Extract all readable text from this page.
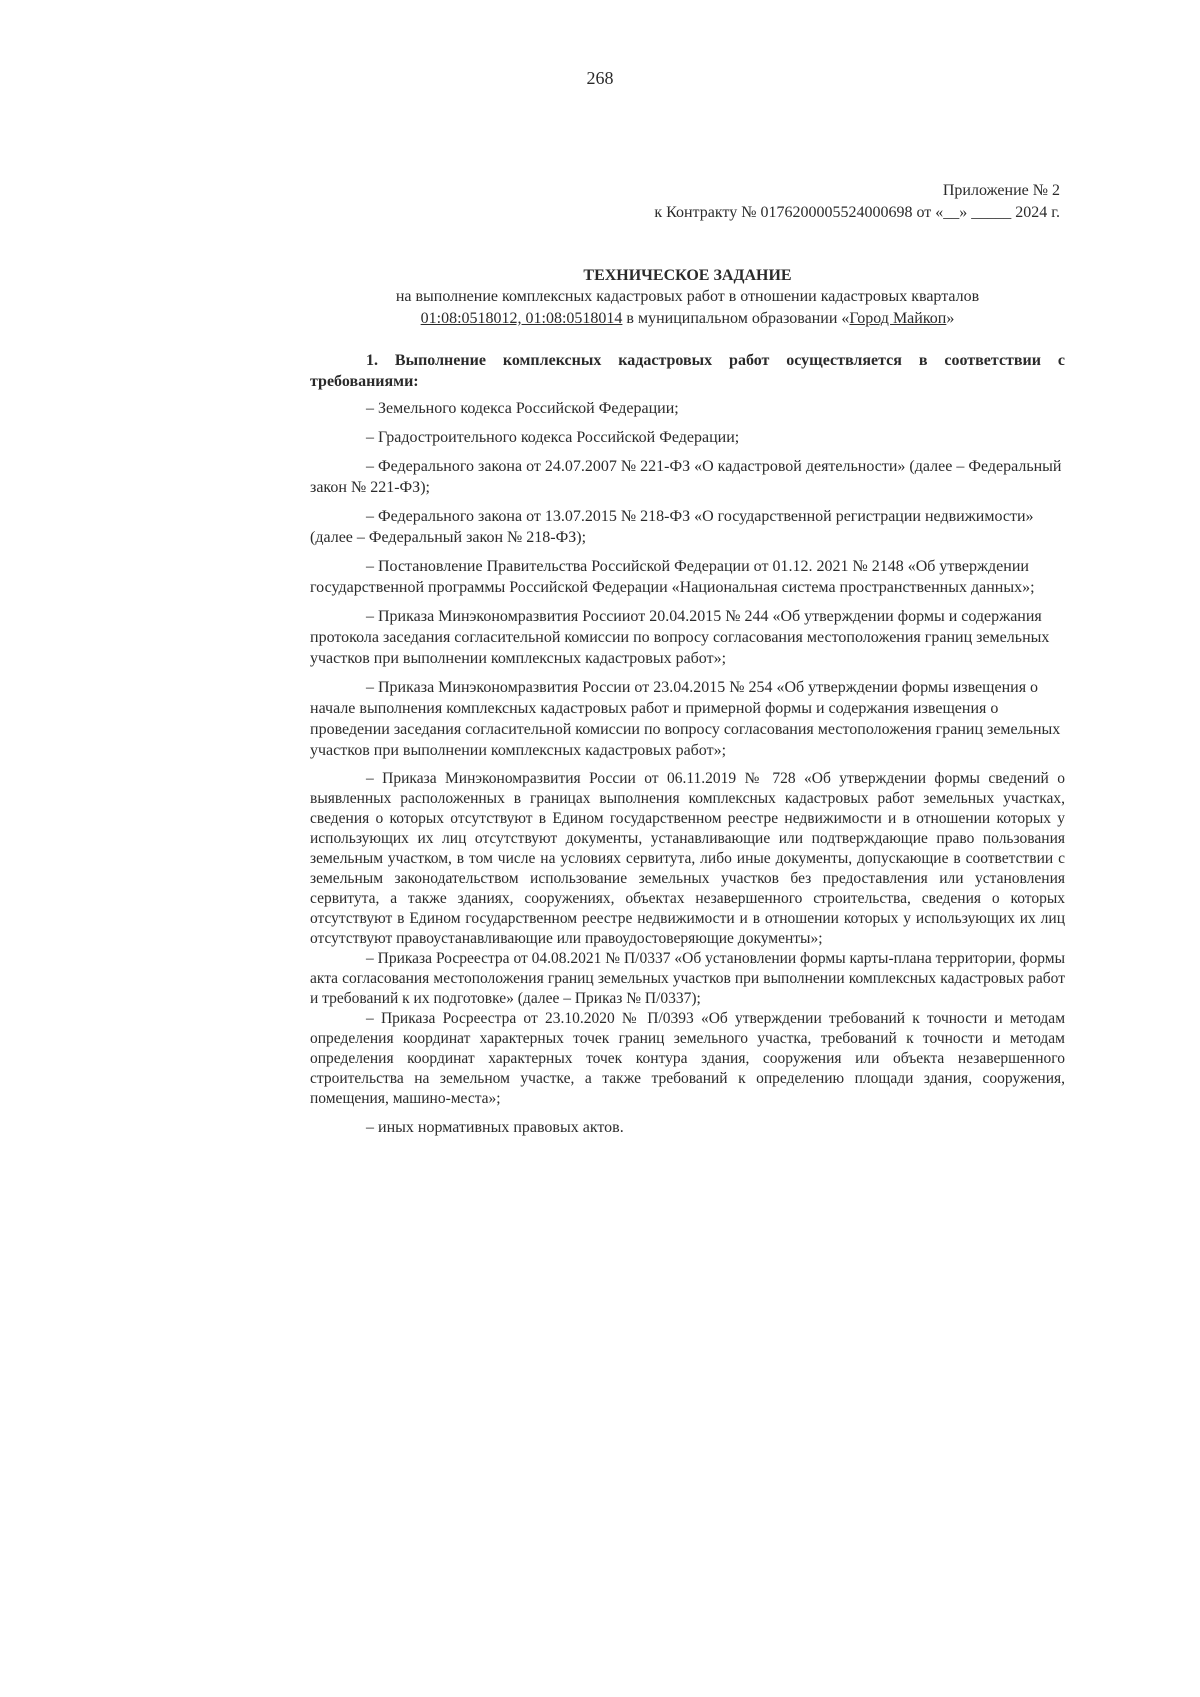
268
Приложение № 2
к Контракту № 0176200005524000698 от «__» _____ 2024 г.

ТЕХНИЧЕСКОЕ ЗАДАНИЕ

на выполнение комплексных кадастровых работ в отношении кадастровых кварталов
01:08:0518012, 01:08:0518014 в муниципальном образовании «Город Майкоп»

1. Выполнение комплексных кадастровых работ осуществляется в соответствии с требованиями:

– Земельного кодекса Российской Федерации;

– Градостроительного кодекса Российской Федерации;

– Федерального закона от 24.07.2007 № 221-ФЗ «О кадастровой деятельности» (далее – Федеральный закон № 221-ФЗ);

– Федерального закона от 13.07.2015 № 218-ФЗ «О государственной регистрации недвижимости» (далее – Федеральный закон № 218-ФЗ);

– Постановление Правительства Российской Федерации от 01.12. 2021 № 2148 «Об утверждении государственной программы Российской Федерации «Национальная система пространственных данных»;

– Приказа Минэкономразвития Россииот 20.04.2015 № 244 «Об утверждении формы и содержания протокола заседания согласительной комиссии по вопросу согласования местоположения границ земельных участков при выполнении комплексных кадастровых работ»;

– Приказа Минэкономразвития России от 23.04.2015 № 254 «Об утверждении формы извещения о начале выполнения комплексных кадастровых работ и примерной формы и содержания извещения о проведении заседания согласительной комиссии по вопросу согласования местоположения границ земельных участков при выполнении комплексных кадастровых работ»;

– Приказа Минэкономразвития России от 06.11.2019 № 728 «Об утверждении формы сведений о выявленных расположенных в границах выполнения комплексных кадастровых работ земельных участках, сведения о которых отсутствуют в Едином государственном реестре недвижимости и в отношении которых у использующих их лиц отсутствуют документы, устанавливающие или подтверждающие право пользования земельным участком, в том числе на условиях сервитута, либо иные документы, допускающие в соответствии с земельным законодательством использование земельных участков без предоставления или установления сервитута, а также зданиях, сооружениях, объектах незавершенного строительства, сведения о которых отсутствуют в Едином государственном реестре недвижимости и в отношении которых у использующих их лиц отсутствуют правоустанавливающие или правоудостоверяющие документы»;

– Приказа Росреестра от 04.08.2021 № П/0337 «Об установлении формы карты-плана территории, формы акта согласования местоположения границ земельных участков при выполнении комплексных кадастровых работ и требований к их подготовке» (далее – Приказ № П/0337);

– Приказа Росреестра от 23.10.2020 № П/0393 «Об утверждении требований к точности и методам определения координат характерных точек границ земельного участка, требований к точности и методам определения координат характерных точек контура здания, сооружения или объекта незавершенного строительства на земельном участке, а также требований к определению площади здания, сооружения, помещения, машино-места»;

– иных нормативных правовых актов.
